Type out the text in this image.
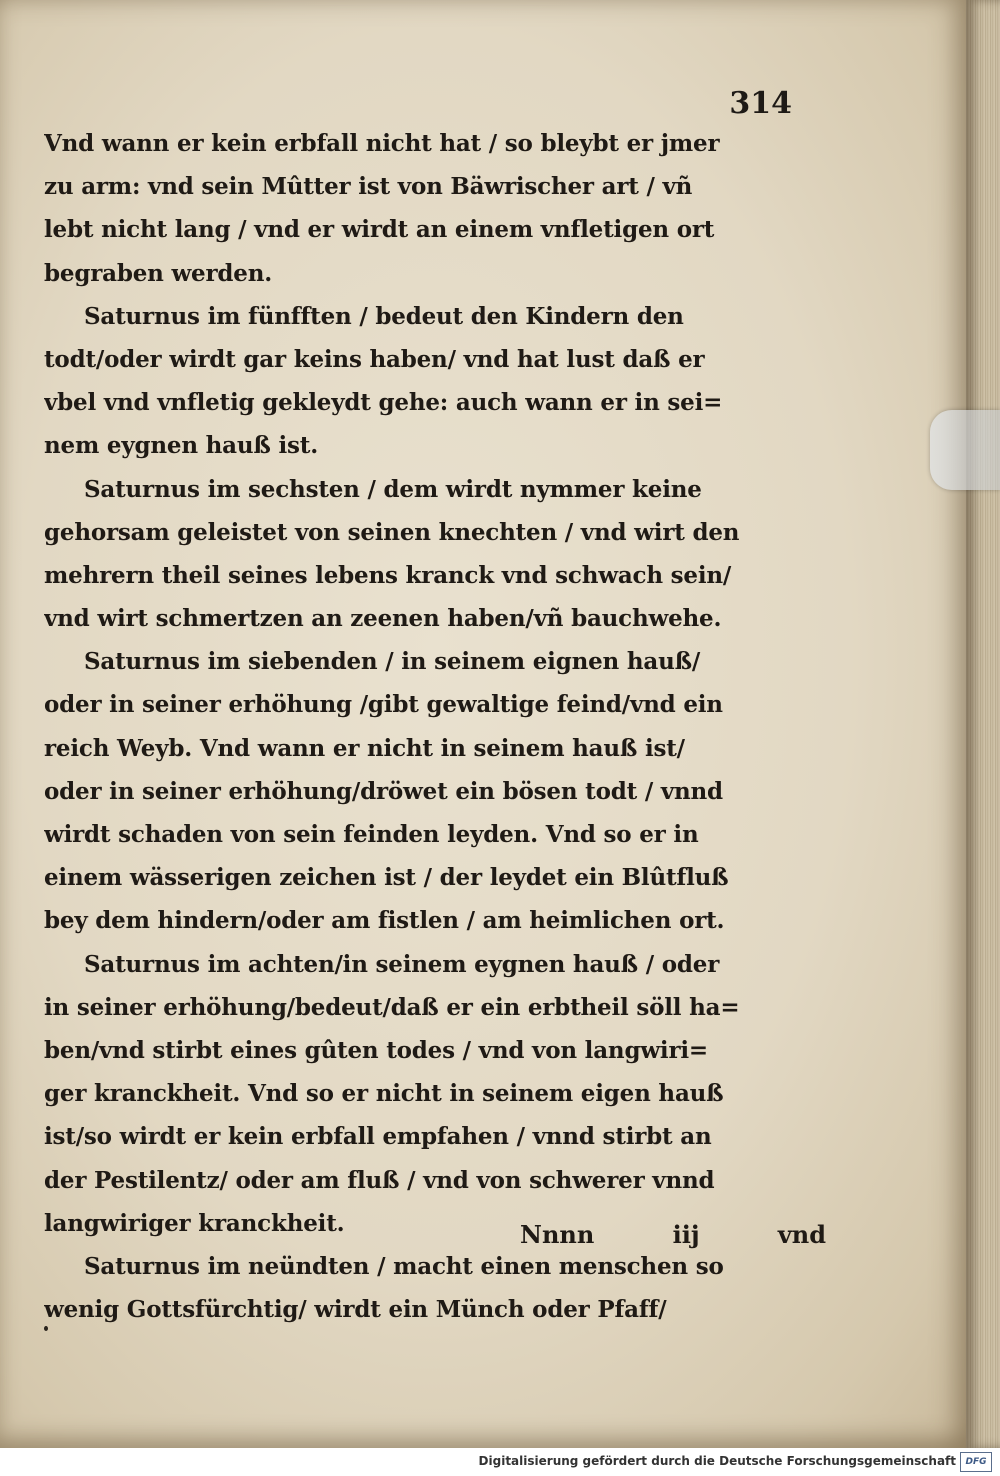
314
Vnd wann er kein erbfall nicht hat / so bleybt er jmer
zu arm: vnd sein Mûtter ist von Bäwrischer art / vñ
lebt nicht lang / vnd er wirdt an einem vnfletigen ort
begraben werden.
Saturnus im fünfften / bedeut den Kindern den
todt/oder wirdt gar keins haben/ vnd hat lust daß er
vbel vnd vnfletig gekleydt gehe: auch wann er in sei=
nem eygnen hauß ist.
Saturnus im sechsten / dem wirdt nymmer keine
gehorsam geleistet von seinen knechten / vnd wirt den
mehrern theil seines lebens kranck vnd schwach sein/
vnd wirt schmertzen an zeenen haben/vñ bauchwehe.
Saturnus im siebenden / in seinem eignen hauß/
oder in seiner erhöhung /gibt gewaltige feind/vnd ein
reich Weyb. Vnd wann er nicht in seinem hauß ist/
oder in seiner erhöhung/dröwet ein bösen todt / vnnd
wirdt schaden von sein feinden leyden. Vnd so er in
einem wässerigen zeichen ist / der leydet ein Blûtfluß
bey dem hindern/oder am fistlen / am heimlichen ort.
Saturnus im achten/in seinem eygnen hauß / oder
in seiner erhöhung/bedeut/daß er ein erbtheil söll ha=
ben/vnd stirbt eines gûten todes / vnd von langwiri=
ger kranckheit. Vnd so er nicht in seinem eigen hauß
ist/so wirdt er kein erbfall empfahen / vnnd stirbt an
der Pestilentz/ oder am fluß / vnd von schwerer vnnd
langwiriger kranckheit.
Saturnus im neündten / macht einen menschen so
wenig Gottsfürchtig/ wirdt ein Münch oder Pfaff/
Nnnn	iij	vnd
Digitalisierung gefördert durch die Deutsche Forschungsgemeinschaft	DFG
